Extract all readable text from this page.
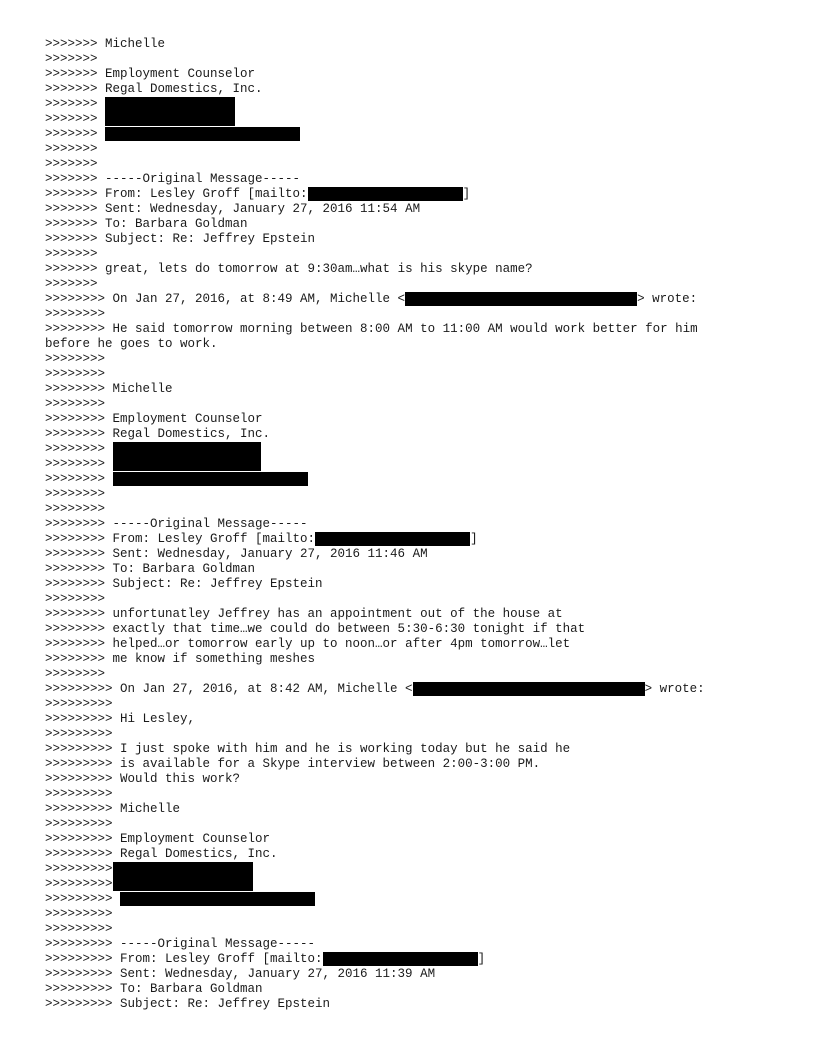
>>>>>>> Michelle
>>>>>>>
>>>>>>> Employment Counselor
>>>>>>> Regal Domestics, Inc.
>>>>>>>
>>>>>>>
>>>>>>>
>>>>>>>
>>>>>>>
>>>>>>> -----Original Message-----
>>>>>>> From: Lesley Groff [mailto:	]
>>>>>>> Sent: Wednesday, January 27, 2016 11:54 AM
>>>>>>> To: Barbara Goldman
>>>>>>> Subject: Re: Jeffrey Epstein
>>>>>>>
>>>>>>> great, lets do tomorrow at 9:30am…what is his skype name?
>>>>>>>
>>>>>>>> On Jan 27, 2016, at 8:49 AM, Michelle <	> wrote:
>>>>>>>>
>>>>>>>> He said tomorrow morning between 8:00 AM to 11:00 AM would work better for him
before he goes to work.
>>>>>>>>
>>>>>>>>
>>>>>>>> Michelle
>>>>>>>>
>>>>>>>> Employment Counselor
>>>>>>>> Regal Domestics, Inc.
>>>>>>>>
>>>>>>>>
>>>>>>>>
>>>>>>>>
>>>>>>>>
>>>>>>>> -----Original Message-----
>>>>>>>> From: Lesley Groff [mailto:	]
>>>>>>>> Sent: Wednesday, January 27, 2016 11:46 AM
>>>>>>>> To: Barbara Goldman
>>>>>>>> Subject: Re: Jeffrey Epstein
>>>>>>>>
>>>>>>>> unfortunatley Jeffrey has an appointment out of the house at
>>>>>>>> exactly that time…we could do between 5:30-6:30 tonight if that
>>>>>>>> helped…or tomorrow early up to noon…or after 4pm tomorrow…let
>>>>>>>> me know if something meshes
>>>>>>>>
>>>>>>>>> On Jan 27, 2016, at 8:42 AM, Michelle <	> wrote:
>>>>>>>>>
>>>>>>>>> Hi Lesley,
>>>>>>>>>
>>>>>>>>> I just spoke with him and he is working today but he said he
>>>>>>>>> is available for a Skype interview between 2:00-3:00 PM.
>>>>>>>>> Would this work?
>>>>>>>>>
>>>>>>>>> Michelle
>>>>>>>>>
>>>>>>>>> Employment Counselor
>>>>>>>>> Regal Domestics, Inc.
>>>>>>>>>
>>>>>>>>>
>>>>>>>>>
>>>>>>>>>
>>>>>>>>>
>>>>>>>>> -----Original Message-----
>>>>>>>>> From: Lesley Groff [mailto:	]
>>>>>>>>> Sent: Wednesday, January 27, 2016 11:39 AM
>>>>>>>>> To: Barbara Goldman
>>>>>>>>> Subject: Re: Jeffrey Epstein
